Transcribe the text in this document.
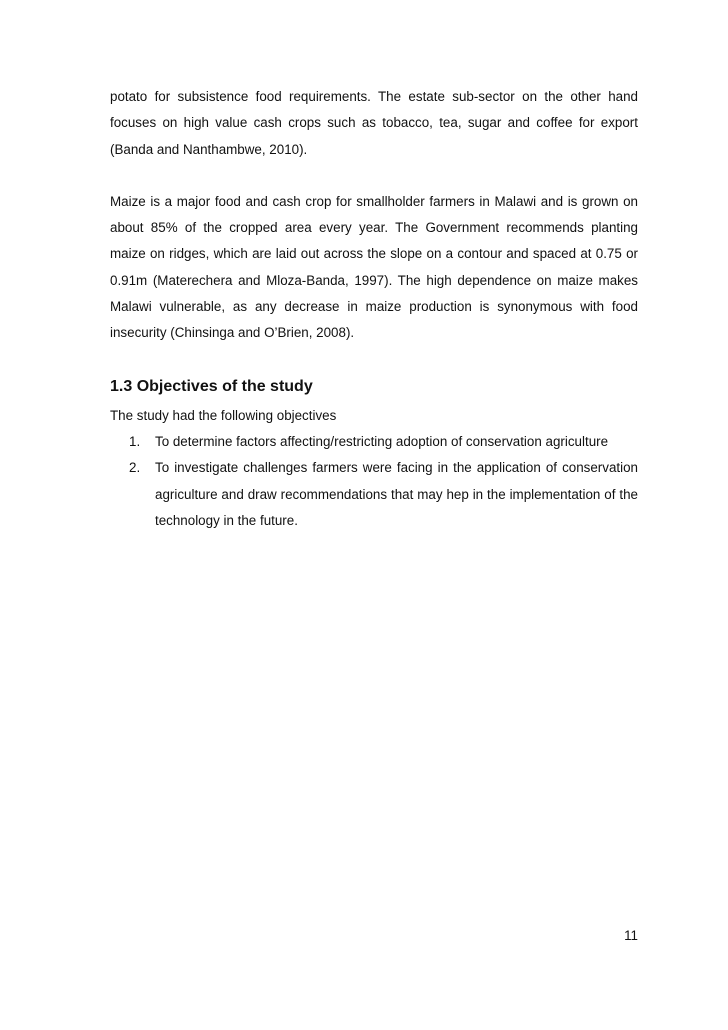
potato for subsistence food requirements. The estate sub-sector on the other hand focuses on high value cash crops such as tobacco, tea, sugar and coffee for export (Banda and Nanthambwe, 2010).

Maize is a major food and cash crop for smallholder farmers in Malawi and is grown on about 85% of the cropped area every year. The Government recommends planting maize on ridges, which are laid out across the slope on a contour and spaced at 0.75 or 0.91m (Materechera and Mloza-Banda, 1997). The high dependence on maize makes Malawi vulnerable, as any decrease in maize production is synonymous with food insecurity (Chinsinga and O’Brien, 2008).

1.3 Objectives of the study

The study had the following objectives

1. To determine factors affecting/restricting adoption of conservation agriculture
2. To investigate challenges farmers were facing in the application of conservation agriculture and draw recommendations that may hep in the implementation of the technology in the future.
11
